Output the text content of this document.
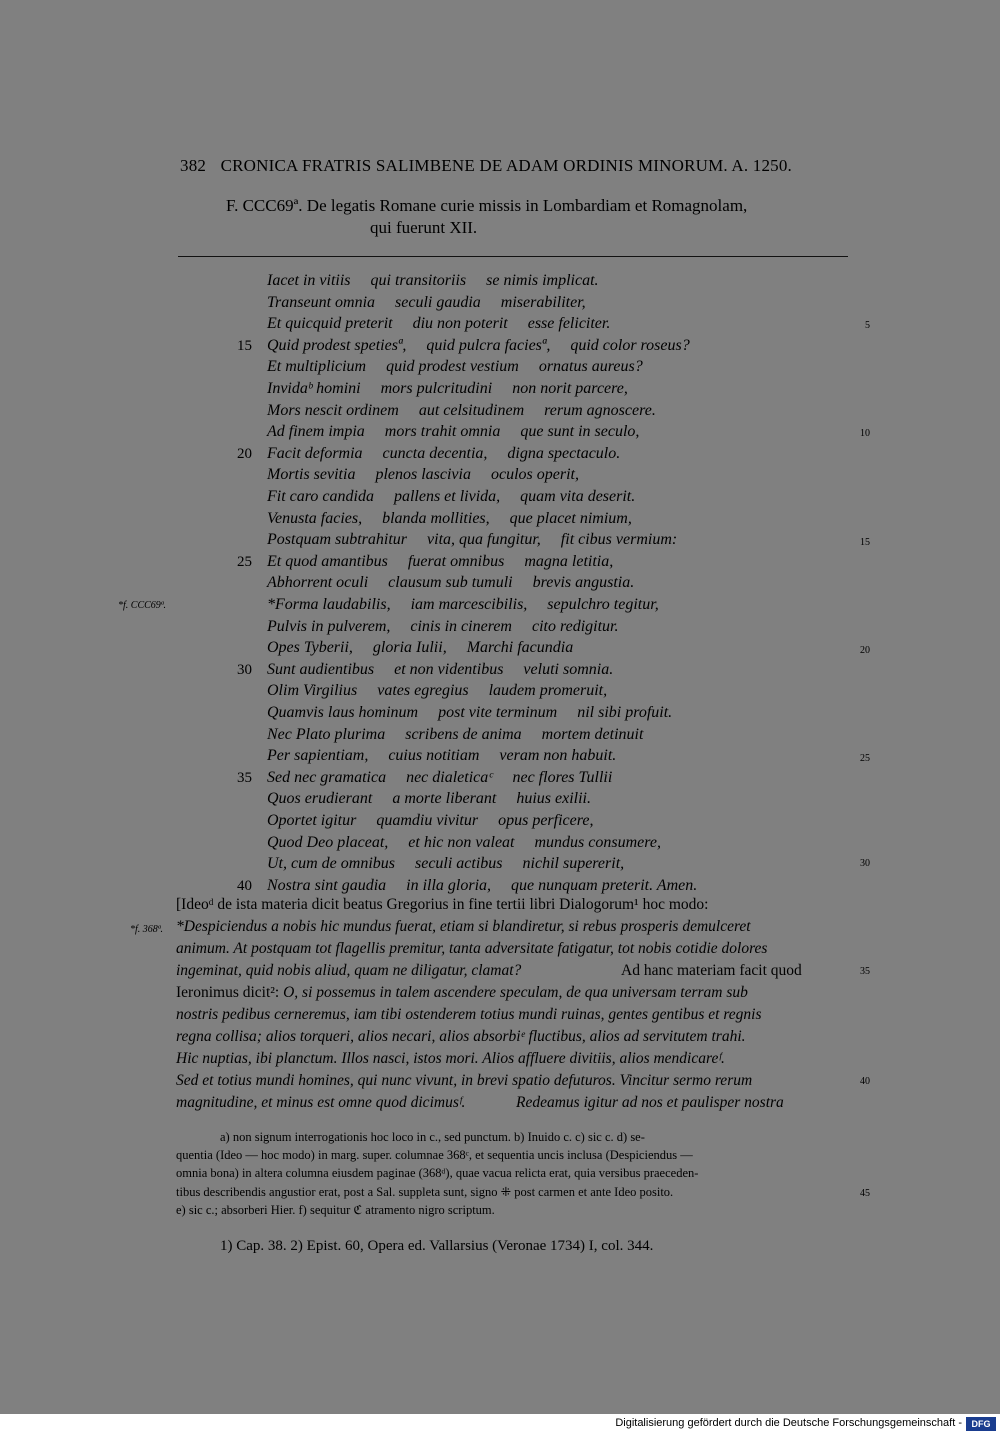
382 CRONICA FRATRIS SALIMBENE DE ADAM ORDINIS MINORUM. A. 1250.
F. CCC69ª. De legatis Romane curie missis in Lombardiam et Romagnolam,
qui fuerunt XII.
Iacet in vitiis     qui transitoriis     se nimis implicat.
Transeunt omnia     seculi gaudia     miserabiliter,
Et quicquid preterit     diu non poterit     esse feliciter.
Quid prodest spetiesª,     quid pulcra faciesª,     quid color roseus?
Et multiplicium     quid prodest vestium     ornatus aureus?
Invidaᵇ homini     mors pulcritudini     non norit parcere,
Mors nescit ordinem     aut celsitudinem     rerum agnoscere.
Ad finem impia     mors trahit omnia     que sunt in seculo,
Facit deformia     cuncta decentia,     digna spectaculo.
Mortis sevitia     plenos lascivia     oculos operit,
Fit caro candida     pallens et livida,     quam vita deserit.
Venusta facies,     blanda mollities,     que placet nimium,
Postquam subtrahitur     vita, qua fungitur,     fit cibus vermium:
Et quod amantibus     fuerat omnibus     magna letitia,
Abhorrent oculi     clausum sub tumuli     brevis angustia.
*Forma laudabilis,     iam marcescibilis,     sepulchro tegitur,
Pulvis in pulverem,     cinis in cinerem     cito redigitur.
Opes Tyberii,     gloria Iulii,     Marchi facundia
Sunt audientibus     et non videntibus     veluti somnia.
Olim Virgilius     vates egregius     laudem promeruit,
Quamvis laus hominum     post vite terminum     nil sibi profuit.
Nec Plato plurima     scribens de anima     mortem detinuit
Per sapientiam,     cuius notitiam     veram non habuit.
Sed nec gramatica     nec dialeticaᶜ     nec flores Tullii
Quos erudierant     a morte liberant     huius exilii.
Oportet igitur     quamdiu vivitur     opus perficere,
Quod Deo placeat,     et hic non valeat     mundus consumere,
Ut, cum de omnibus     seculi actibus     nichil supererit,
Nostra sint gaudia     in illa gloria,     que nunquam preterit. Amen.
15
20
25
30
35
40
5
10
15
20
25
30
35
40
45
*f. CCC69ª.
*f. 368ª.
[Ideoᵈ de ista materia dicit beatus Gregorius in fine tertii libri Dialogorum¹ hoc modo:
*Despiciendus a nobis hic mundus fuerat, etiam si blandiretur, si rebus prosperis demulceret
animum. At postquam tot flagellis premitur, tanta adversitate fatigatur, tot nobis cotidie dolores
ingeminat, quid nobis aliud, quam ne diligatur, clamat?	Ad hanc materiam facit quod
Ieronimus dicit²: O, si possemus in talem ascendere speculam, de qua universam terram sub
nostris pedibus cerneremus, iam tibi ostenderem totius mundi ruinas, gentes gentibus et regnis
regna collisa; alios torqueri, alios necari, alios absorbiᵉ fluctibus, alios ad servitutem trahi.
Hic nuptias, ibi planctum. Illos nasci, istos mori. Alios affluere divitiis, alios mendicareᶠ.
Sed et totius mundi homines, qui nunc vivunt, in brevi spatio defuturos. Vincitur sermo rerum
magnitudine, et minus est omne quod dicimusᶠ.	Redeamus igitur ad nos et paulisper nostra
a) non signum interrogationis hoc loco in c., sed punctum. b) Inuido c. c) sic c. d) se-
quentia (Ideo — hoc modo) in marg. super. columnae 368ᶜ, et sequentia uncis inclusa (Despiciendus —
omnia bona) in altera columna eiusdem paginae (368ᵈ), quae vacua relicta erat, quia versibus praeceden-
tibus describendis angustior erat, post a Sal. suppleta sunt, signo ⁜ post carmen et ante Ideo posito.
e) sic c.; absorberi Hier. f) sequitur ℭ atramento nigro scriptum.
1) Cap. 38. 2) Epist. 60, Opera ed. Vallarsius (Veronae 1734) I, col. 344.
Digitalisierung gefördert durch die Deutsche Forschungsgemeinschaft -	DFG
